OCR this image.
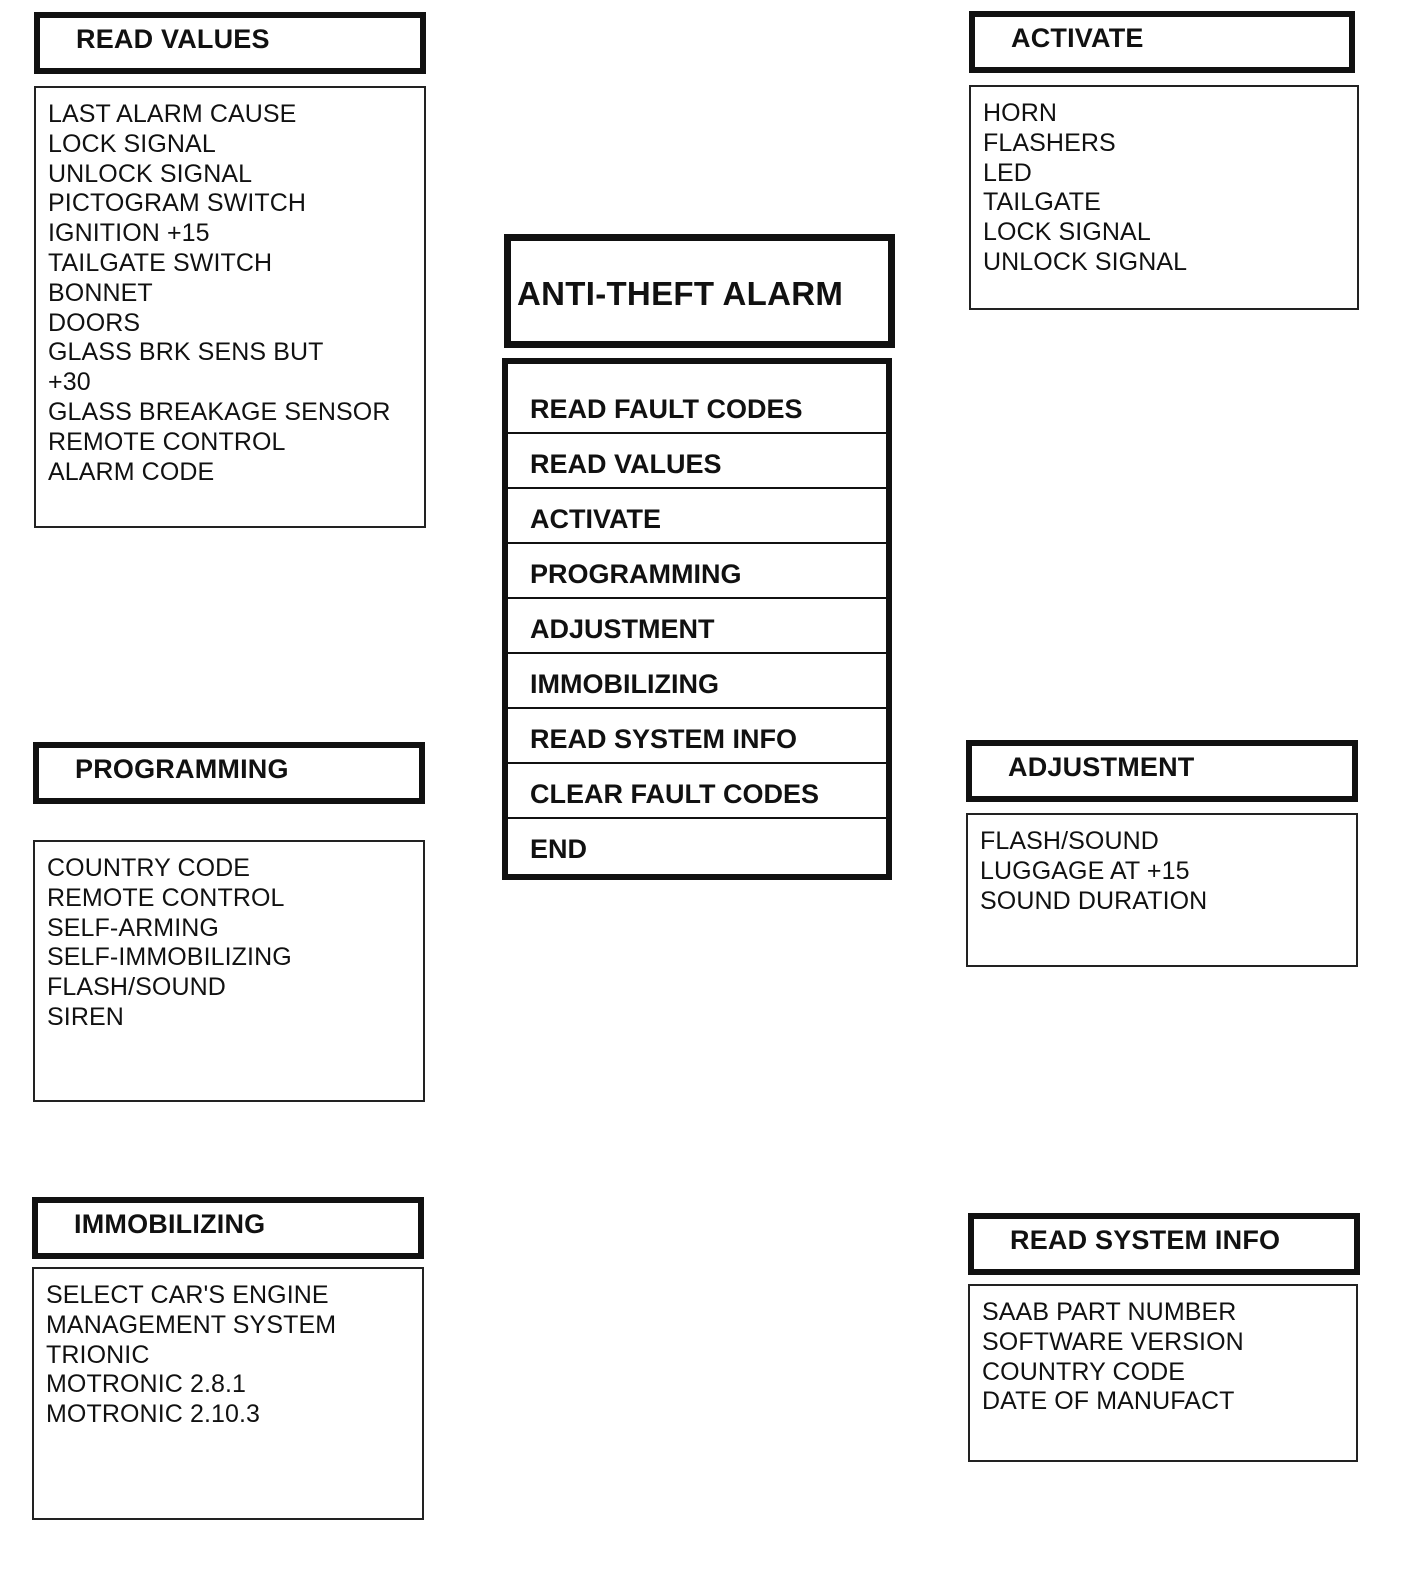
READ VALUES
LAST ALARM CAUSE
LOCK SIGNAL
UNLOCK SIGNAL
PICTOGRAM SWITCH
IGNITION +15
TAILGATE SWITCH
BONNET
DOORS
GLASS BRK SENS BUT
+30
GLASS BREAKAGE SENSOR
REMOTE CONTROL
ALARM CODE
ACTIVATE
HORN
FLASHERS
LED
TAILGATE
LOCK SIGNAL
UNLOCK SIGNAL
ANTI-THEFT ALARM
READ FAULT CODES
READ VALUES
ACTIVATE
PROGRAMMING
ADJUSTMENT
IMMOBILIZING
READ SYSTEM INFO
CLEAR FAULT CODES
END
PROGRAMMING
COUNTRY CODE
REMOTE CONTROL
SELF-ARMING
SELF-IMMOBILIZING
FLASH/SOUND
SIREN
ADJUSTMENT
FLASH/SOUND
LUGGAGE AT +15
SOUND DURATION
IMMOBILIZING
SELECT CAR'S ENGINE
MANAGEMENT SYSTEM
TRIONIC
MOTRONIC 2.8.1
MOTRONIC 2.10.3
READ SYSTEM INFO
SAAB PART NUMBER
SOFTWARE VERSION
COUNTRY CODE
DATE OF MANUFACT
